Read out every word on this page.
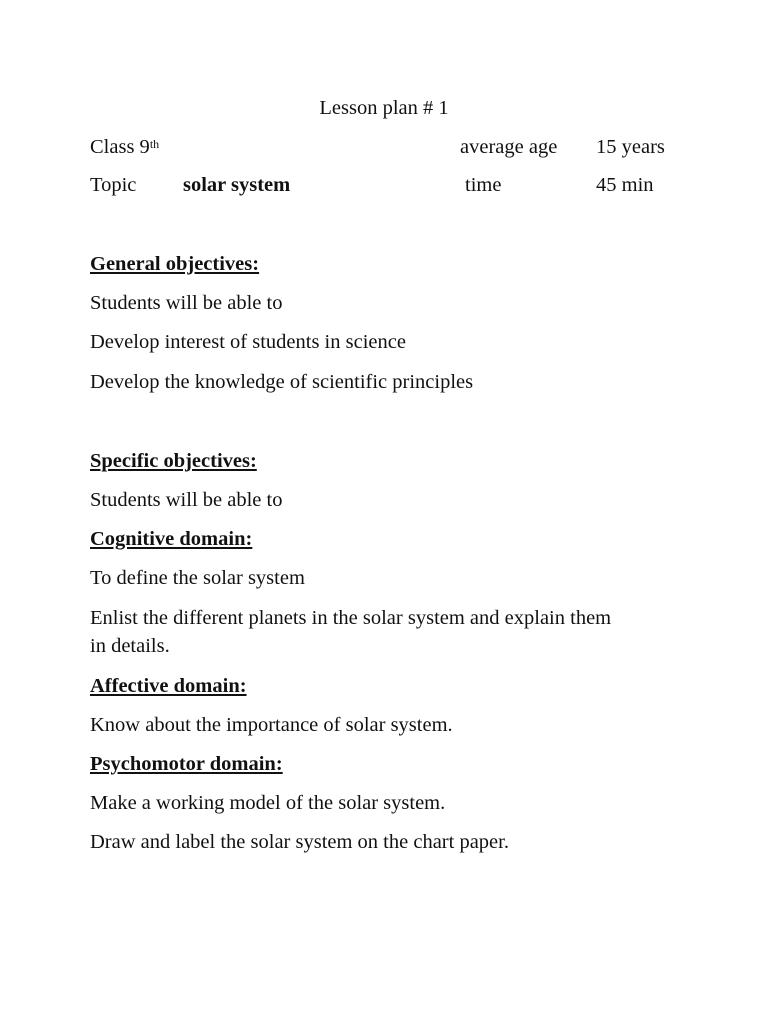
Lesson plan # 1
Class 9th	average age 15 years
Topic solar system	time	45 min
General objectives:
Students will be able to
Develop interest of students in science
Develop the knowledge of scientific principles
Specific objectives:
Students will be able to
Cognitive domain:
To define the solar system
Enlist the different planets in the solar system and explain them
in details.
Affective domain:
Know about the importance of solar system.
Psychomotor domain:
Make a working model of the solar system.
Draw and label the solar system on the chart paper.
